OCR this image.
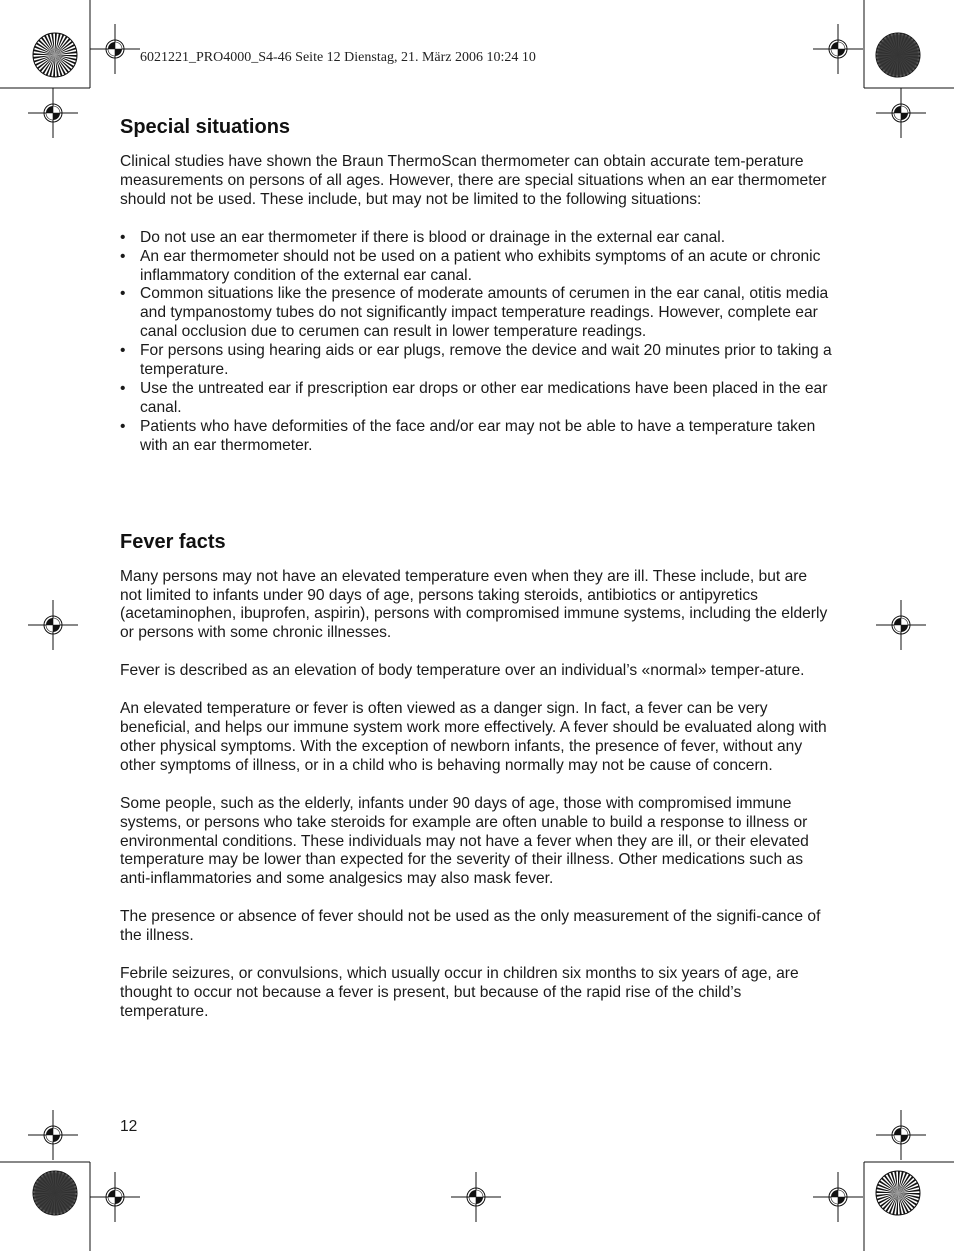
6021221_PRO4000_S4-46 Seite 12 Dienstag, 21. März 2006 10:24 10
Special situations

Clinical studies have shown the Braun ThermoScan thermometer can obtain accurate tem-perature measurements on persons of all ages. However, there are special situations when an ear thermometer should not be used. These include, but may not be limited to the following situations:

• Do not use an ear thermometer if there is blood or drainage in the external ear canal.
• An ear thermometer should not be used on a patient who exhibits symptoms of an acute or chronic inflammatory condition of the external ear canal.
• Common situations like the presence of moderate amounts of cerumen in the ear canal, otitis media and tympanostomy tubes do not significantly impact temperature readings. However, complete ear canal occlusion due to cerumen can result in lower temperature readings.
• For persons using hearing aids or ear plugs, remove the device and wait 20 minutes prior to taking a temperature.
• Use the untreated ear if prescription ear drops or other ear medications have been placed in the ear canal.
• Patients who have deformities of the face and/or ear may not be able to have a temperature taken with an ear thermometer.
Fever facts

Many persons may not have an elevated temperature even when they are ill. These include, but are not limited to infants under 90 days of age, persons taking steroids, antibiotics or antipyretics (acetaminophen, ibuprofen, aspirin), persons with compromised immune systems, including the elderly or persons with some chronic illnesses.

Fever is described as an elevation of body temperature over an individual’s «normal» temper-ature.

An elevated temperature or fever is often viewed as a danger sign. In fact, a fever can be very beneficial, and helps our immune system work more effectively. A fever should be evaluated along with other physical symptoms. With the exception of newborn infants, the presence of fever, without any other symptoms of illness, or in a child who is behaving normally may not be cause of concern.

Some people, such as the elderly, infants under 90 days of age, those with compromised immune systems, or persons who take steroids for example are often unable to build a response to illness or environmental conditions. These individuals may not have a fever when they are ill, or their elevated temperature may be lower than expected for the severity of their illness. Other medications such as anti-inflammatories and some analgesics may also mask fever.

The presence or absence of fever should not be used as the only measurement of the signifi-cance of the illness.

Febrile seizures, or convulsions, which usually occur in children six months to six years of age, are thought to occur not because a fever is present, but because of the rapid rise of the child’s temperature.

12
